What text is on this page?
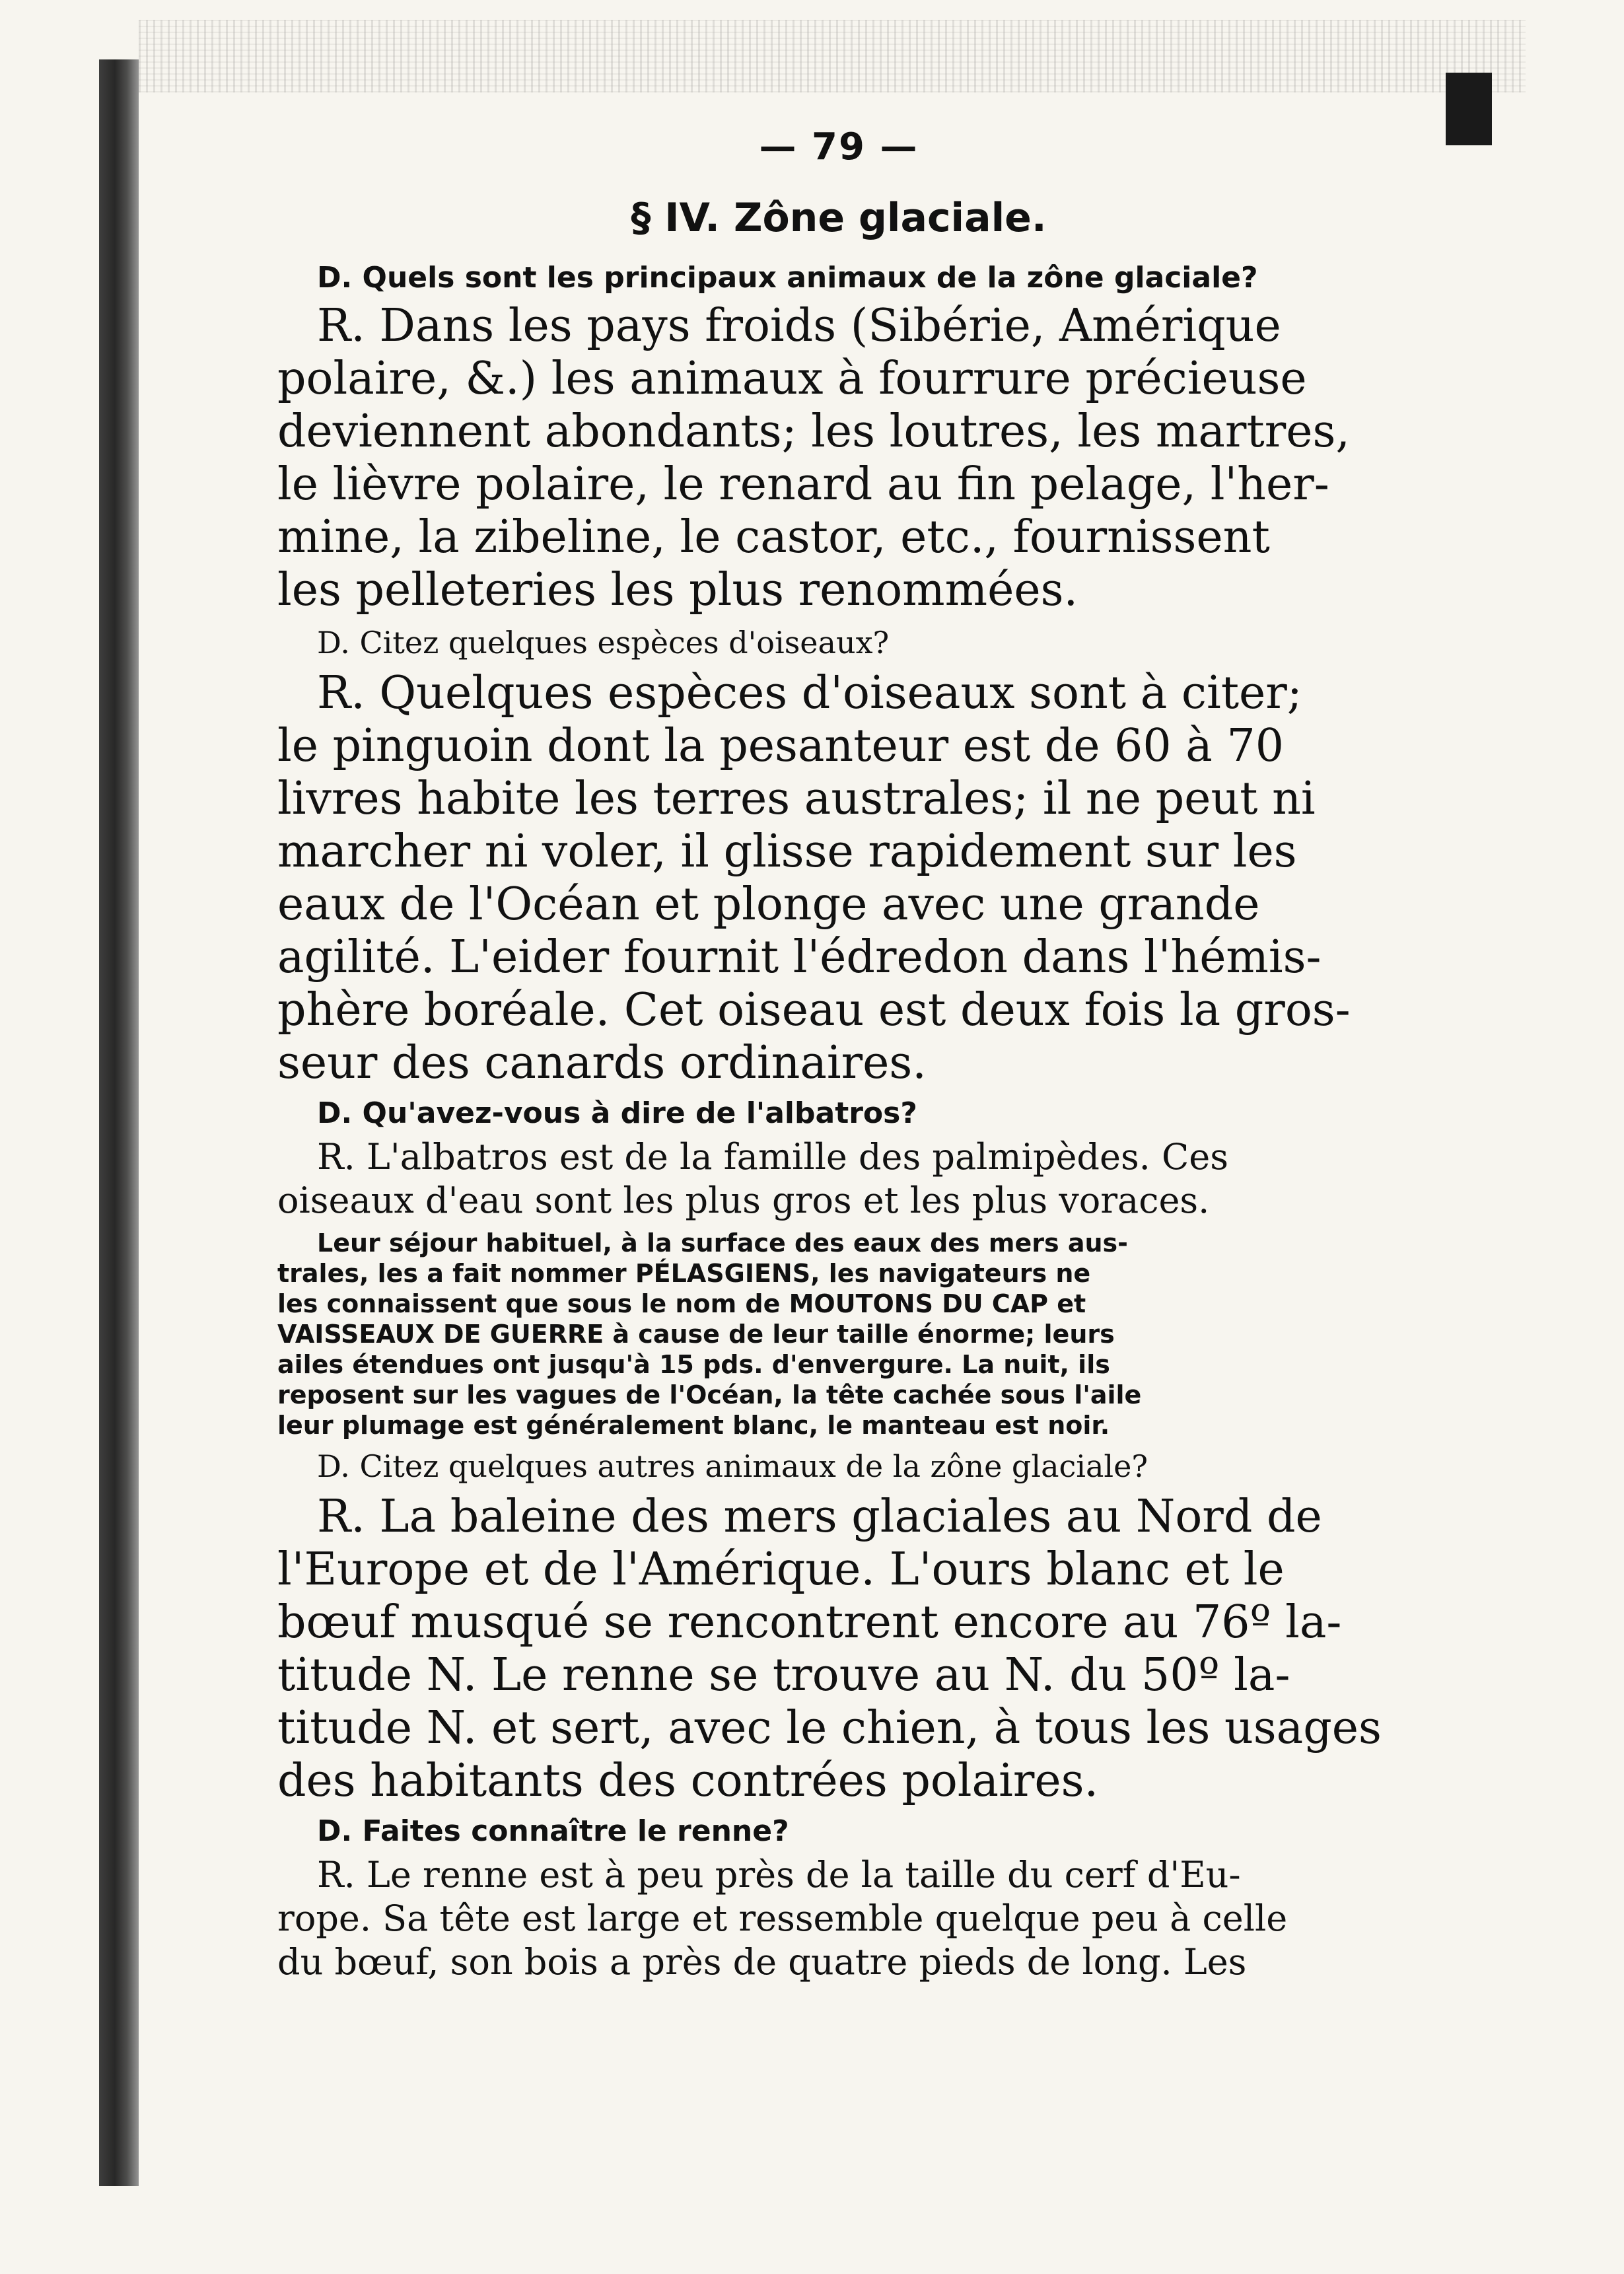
— 79 —
§ IV. Zône glaciale.
D. Quels sont les principaux animaux de la zône glaciale?
R. Dans les pays froids (Sibérie, Amérique
polaire, &.) les animaux à fourrure précieuse
deviennent abondants; les loutres, les martres,
le lièvre polaire, le renard au fin pelage, l'her-
mine, la zibeline, le castor, etc., fournissent
les pelleteries les plus renommées.
D. Citez quelques espèces d'oiseaux?
R. Quelques espèces d'oiseaux sont à citer;
le pinguoin dont la pesanteur est de 60 à 70
livres habite les terres australes; il ne peut ni
marcher ni voler, il glisse rapidement sur les
eaux de l'Océan et plonge avec une grande
agilité. L'eider fournit l'édredon dans l'hémis-
phère boréale. Cet oiseau est deux fois la gros-
seur des canards ordinaires.
D. Qu'avez-vous à dire de l'albatros?
R. L'albatros est de la famille des palmipèdes. Ces
oiseaux d'eau sont les plus gros et les plus voraces.
Leur séjour habituel, à la surface des eaux des mers aus-
trales, les a fait nommer PÉLASGIENS, les navigateurs ne
les connaissent que sous le nom de MOUTONS DU CAP et
VAISSEAUX DE GUERRE à cause de leur taille énorme; leurs
ailes étendues ont jusqu'à 15 pds. d'envergure. La nuit, ils
reposent sur les vagues de l'Océan, la tête cachée sous l'aile
leur plumage est généralement blanc, le manteau est noir.
D. Citez quelques autres animaux de la zône glaciale?
R. La baleine des mers glaciales au Nord de
l'Europe et de l'Amérique. L'ours blanc et le
bœuf musqué se rencontrent encore au 76º la-
titude N. Le renne se trouve au N. du 50º la-
titude N. et sert, avec le chien, à tous les usages
des habitants des contrées polaires.
D. Faites connaître le renne?
R. Le renne est à peu près de la taille du cerf d'Eu-
rope. Sa tête est large et ressemble quelque peu à celle
du bœuf, son bois a près de quatre pieds de long. Les
